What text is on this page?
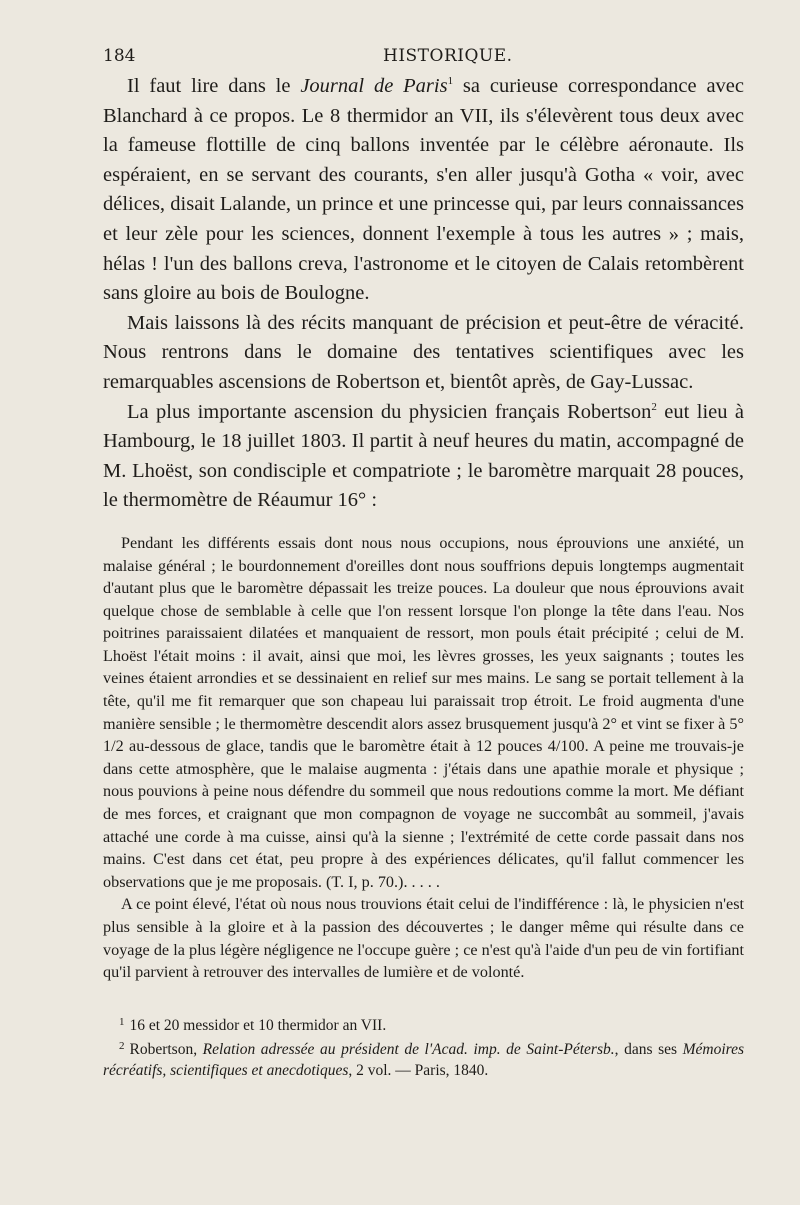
184	HISTORIQUE.

Il faut lire dans le Journal de Paris$^1$ sa curieuse correspondance avec Blanchard à ce propos. Le 8 thermidor an VII, ils s'élevèrent tous deux avec la fameuse flottille de cinq ballons inventée par le célèbre aéronaute. Ils espéraient, en se servant des courants, s'en aller jusqu'à Gotha « voir, avec délices, disait Lalande, un prince et une princesse qui, par leurs connaissances et leur zèle pour les sciences, donnent l'exemple à tous les autres » ; mais, hélas ! l'un des ballons creva, l'astronome et le citoyen de Calais retombèrent sans gloire au bois de Boulogne.

Mais laissons là des récits manquant de précision et peut-être de véracité. Nous rentrons dans le domaine des tentatives scientifiques avec les remarquables ascensions de Robertson et, bientôt après, de Gay-Lussac.

La plus importante ascension du physicien français Robertson$^2$ eut lieu à Hambourg, le 18 juillet 1803. Il partit à neuf heures du matin, accompagné de M. Lhoëst, son condisciple et compatriote ; le baromètre marquait 28 pouces, le thermomètre de Réaumur 16° :

Pendant les différents essais dont nous nous occupions, nous éprouvions une anxiété, un malaise général ; le bourdonnement d'oreilles dont nous souffrions depuis longtemps augmentait d'autant plus que le baromètre dépassait les treize pouces. La douleur que nous éprouvions avait quelque chose de semblable à celle que l'on ressent lorsque l'on plonge la tête dans l'eau. Nos poitrines paraissaient dilatées et manquaient de ressort, mon pouls était précipité ; celui de M. Lhoëst l'était moins : il avait, ainsi que moi, les lèvres grosses, les yeux saignants ; toutes les veines étaient arrondies et se dessinaient en relief sur mes mains. Le sang se portait tellement à la tête, qu'il me fit remarquer que son chapeau lui paraissait trop étroit. Le froid augmenta d'une manière sensible ; le thermomètre descendit alors assez brusquement jusqu'à 2° et vint se fixer à 5° 1/2 au-dessous de glace, tandis que le baromètre était à 12 pouces 4/100. A peine me trouvais-je dans cette atmosphère, que le malaise augmenta : j'étais dans une apathie morale et physique ; nous pouvions à peine nous défendre du sommeil que nous redoutions comme la mort. Me défiant de mes forces, et craignant que mon compagnon de voyage ne succombât au sommeil, j'avais attaché une corde à ma cuisse, ainsi qu'à la sienne ; l'extrémité de cette corde passait dans nos mains. C'est dans cet état, peu propre à des expériences délicates, qu'il fallut commencer les observations que je me proposais. (T. I, p. 70.). . . . .

A ce point élevé, l'état où nous nous trouvions était celui de l'indifférence : là, le physicien n'est plus sensible à la gloire et à la passion des découvertes ; le danger même qui résulte dans ce voyage de la plus légère négligence ne l'occupe guère ; ce n'est qu'à l'aide d'un peu de vin fortifiant qu'il parvient à retrouver des intervalles de lumière et de volonté.

$^1$ 16 et 20 messidor et 10 thermidor an VII.

$^2$ Robertson, Relation adressée au président de l'Acad. imp. de Saint-Pétersb., dans ses Mémoires récréatifs, scientifiques et anecdotiques, 2 vol. — Paris, 1840.
